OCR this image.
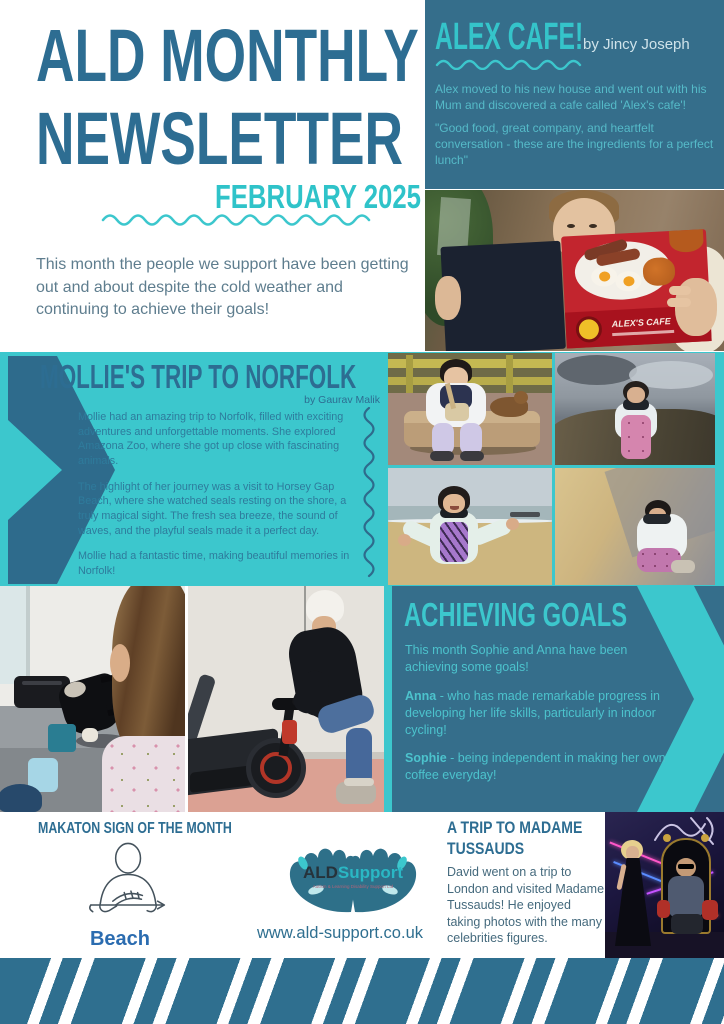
ALD MONTHLY
NEWSLETTER
FEBRUARY 2025

This month the people we support have been getting out and about despite the cold weather and continuing to achieve their goals!

ALEX CAFE! by Jincy Joseph

Alex moved to his new house and went out with his Mum and discovered a cafe called 'Alex's cafe'!

"Good food, great company, and heartfelt conversation - these are the ingredients for a perfect lunch"

ALEX'S CAFE
MOLLIE'S TRIP TO NORFOLK
by Gaurav Malik

Mollie had an amazing trip to Norfolk, filled with exciting adventures and unforgettable moments. She explored Amazona Zoo, where she got up close with fascinating animals.

The highlight of her journey was a visit to Horsey Gap Beach, where she watched seals resting on the shore, a truly magical sight. The fresh sea breeze, the sound of waves, and the playful seals made it a perfect day.

Mollie had a fantastic time, making beautiful memories in Norfolk!

ACHIEVING GOALS

This month Sophie and Anna have been achieving some goals!

Anna - who has made remarkable progress in developing her life skills, particularly in indoor cycling!

Sophie - being independent in making her own coffee everyday!

MAKATON SIGN OF THE MONTH
Beach
ALDSupport
Autism & Learning Disability Support Ltd
www.ald-support.co.uk
A TRIP TO MADAME TUSSAUDS
David went on a trip to London and visited Madame Tussauds! He enjoyed taking photos with the many celebrities figures.
